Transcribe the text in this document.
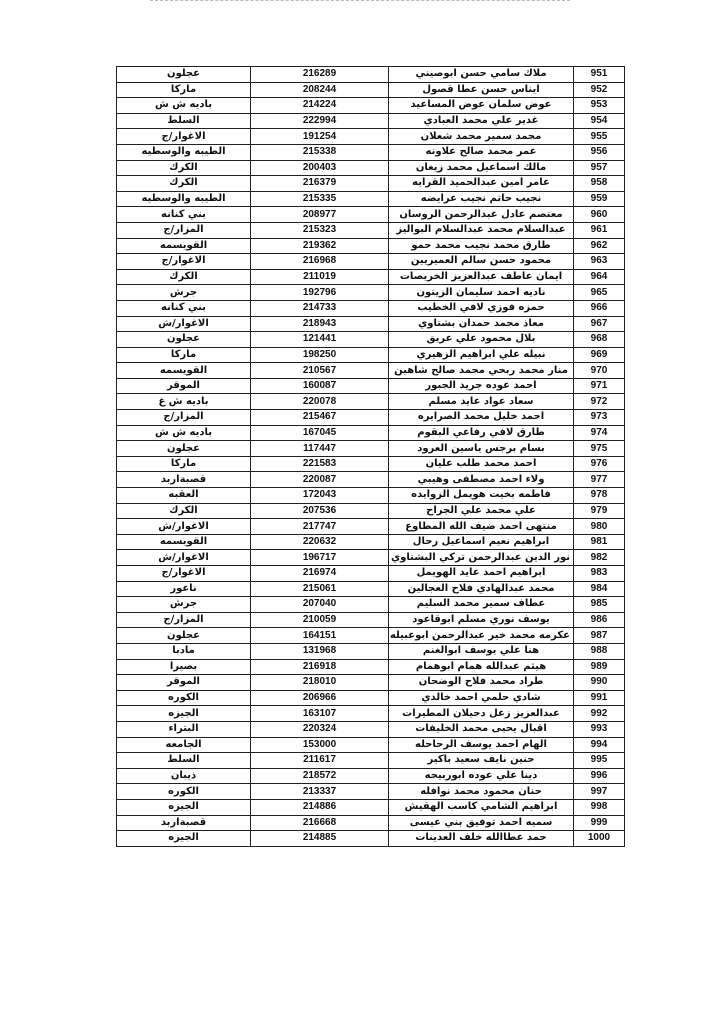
عجلون	216289	ملاك سامي حسن ابوصيني	951
ماركا	208244	ايناس حسن عطا قصول	952
باديه ش ش	214224	عوض سلمان عوض المساعيد	953
السلط	222994	غدير علي محمد العبادي	954
الاغوار/ج	191254	محمد سمير محمد شعلان	955
الطيبه والوسطيه	215338	عمر محمد صالح علاونه	956
الكرك	200403	مالك اسماعيل محمد زيغان	957
الكرك	216379	عامر امين عبدالحميد القرايه	958
الطيبه والوسطيه	215335	نجيب حاتم نجيب عرايضه	959
بني كنانه	208977	معتصم عادل عبدالرحمن الروسان	960
المزار/ج	215323	عبدالسلام محمد عبدالسلام البواليز	961
القويسمه	219362	طارق محمد نجيب محمد حمو	962
الاغوار/ج	216968	محمود حسن سالم العميريين	963
الكرك	211019	ايمان عاطف عبدالعزيز الخريصات	964
جرش	192796	ناديه احمد سليمان الزيتون	965
بني كنانه	214733	حمزه فوزي لافي الخطيب	966
الاغوار/ش	218943	معاذ محمد حمدان بشتاوي	967
عجلون	121441	بلال محمود علي عريق	968
ماركا	198250	نبيله علي ابراهيم الزهيري	969
القويسمه	210567	منار محمد ربحي محمد صالح شاهين	970
الموقر	160087	احمد عوده جريد الجبور	971
باديه ش غ	220078	سعاد عواد عايد مسلم	972
المزار/ج	215467	احمد خليل محمد الصرايره	973
باديه ش ش	167045	طارق لافي رفاعي البقوم	974
عجلون	117447	بسام برجس ياسين العرود	975
ماركا	221583	احمد محمد طلب عليان	976
قصبةاربد	220087	ولاء احمد مصطفى وهيبي	977
العقبه	172043	فاطمه بخيت هويمل الزوايده	978
الكرك	207536	علي محمد علي الجراح	979
الاغوار/ش	217747	منتهى احمد ضيف الله المطاوع	980
القويسمه	220632	ابراهيم نعيم اسماعيل رحال	981
الاغوار/ش	196717	نور الدين عبدالرحمن تركي البشتاوي	982
الاغوار/ج	216974	ابراهيم احمد عايد الهويمل	983
ناعور	215061	محمد عبدالهادي فلاح العجالين	984
جرش	207040	عطاف سمير محمد السليم	985
المزار/ج	210059	يوسف نوري مسلم ابوقاعود	986
عجلون	164151	عكرمه محمد خير عبدالرحمن ابوعبيله	987
مادبا	131968	هنا علي يوسف ابوالغنم	988
بصيرا	216918	هيثم عبدالله همام ابوهمام	989
الموقر	218010	طراد محمد فلاح الوضحان	990
الكوره	206966	شادي حلمي احمد خالدي	991
الجيزه	163107	عبدالعزيز زعل دحيلان المطيرات	992
البتراء	220324	اقبال يحيى محمد الخليفات	993
الجامعه	153000	الهام احمد يوسف الرحاحله	994
السلط	211617	حنين نايف سعيد باكير	995
ذيبان	218572	دينا علي عوده ابوربيحه	996
الكوره	213337	حنان محمود محمد نوافله	997
الجيزه	214886	ابراهيم الشامي كاسب الهقيش	998
قصبةاربد	216668	سميه احمد توفيق بني عيسى	999
الجيزه	214885	حمد عطاالله خلف العدينات	1000
